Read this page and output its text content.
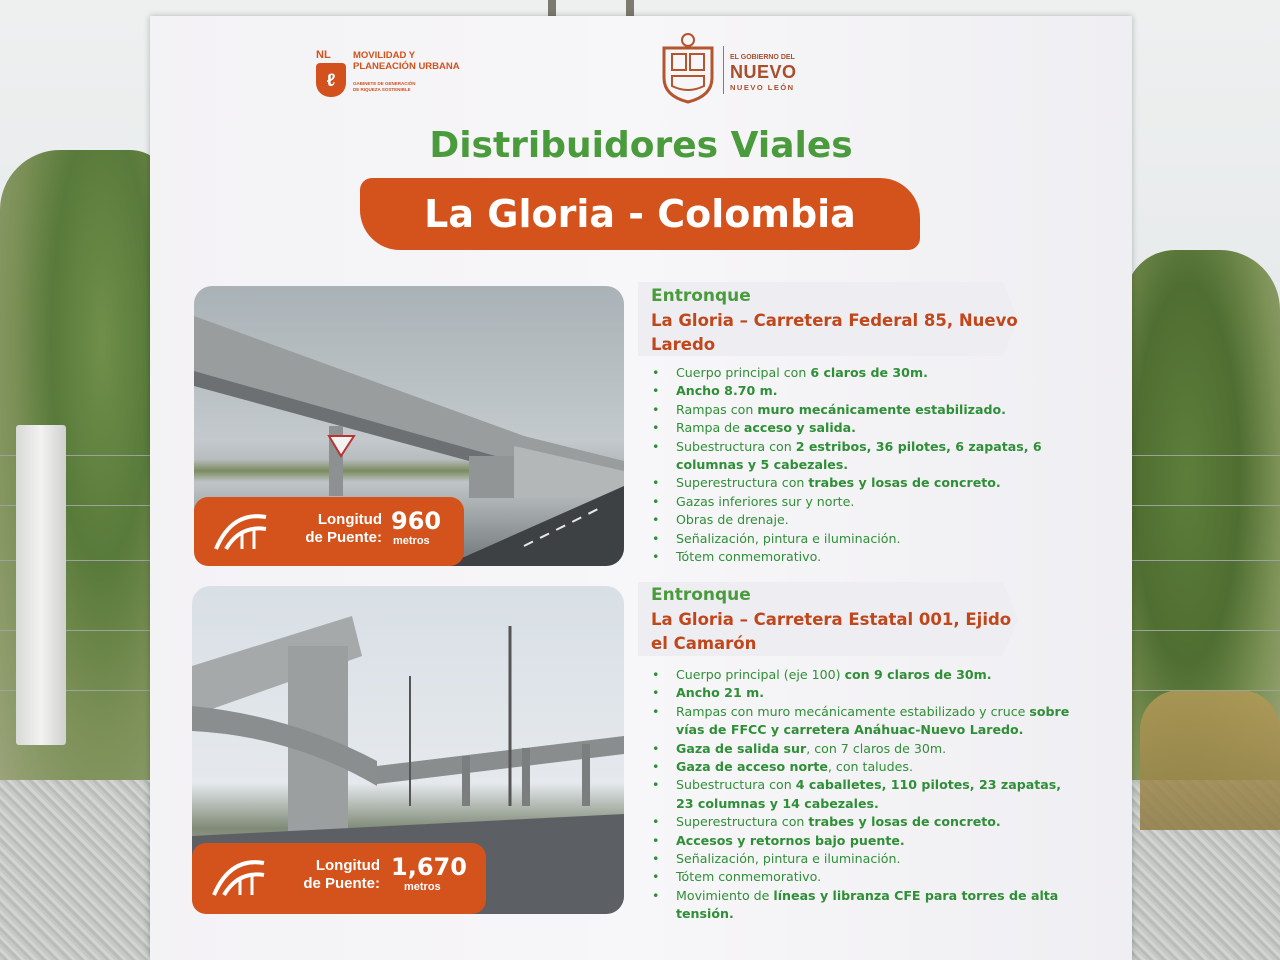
NL
ℓ
MOVILIDAD Y
PLANEACIÓN URBANA
GABINETE DE GENERACIÓN
DE RIQUEZA SOSTENIBLE
EL GOBIERNO DEL
NUEVO
NUEVO LEÓN
Distribuidores Viales
La Gloria - Colombia
Longitud
de Puente:
960
metros
Entronque
La Gloria – Carretera Federal 85, Nuevo Laredo
• Cuerpo principal con 6 claros de 30m.
• Ancho 8.70 m.
• Rampas con muro mecánicamente estabilizado.
• Rampa de acceso y salida.
• Subestructura con 2 estribos, 36 pilotes, 6 zapatas, 6 columnas y 5 cabezales.
• Superestructura con trabes y losas de concreto.
• Gazas inferiores sur y norte.
• Obras de drenaje.
• Señalización, pintura e iluminación.
• Tótem conmemorativo.
Longitud
de Puente:
1,670
metros
Entronque
La Gloria – Carretera Estatal 001, Ejido el Camarón
• Cuerpo principal (eje 100) con 9 claros de 30m.
• Ancho 21 m.
• Rampas con muro mecánicamente estabilizado y cruce sobre vías de FFCC y carretera Anáhuac-Nuevo Laredo.
• Gaza de salida sur, con 7 claros de 30m.
• Gaza de acceso norte, con taludes.
• Subestructura con 4 caballetes, 110 pilotes, 23 zapatas, 23 columnas y 14 cabezales.
• Superestructura con trabes y losas de concreto.
• Accesos y retornos bajo puente.
• Señalización, pintura e iluminación.
• Tótem conmemorativo.
• Movimiento de líneas y libranza CFE para torres de alta tensión.
